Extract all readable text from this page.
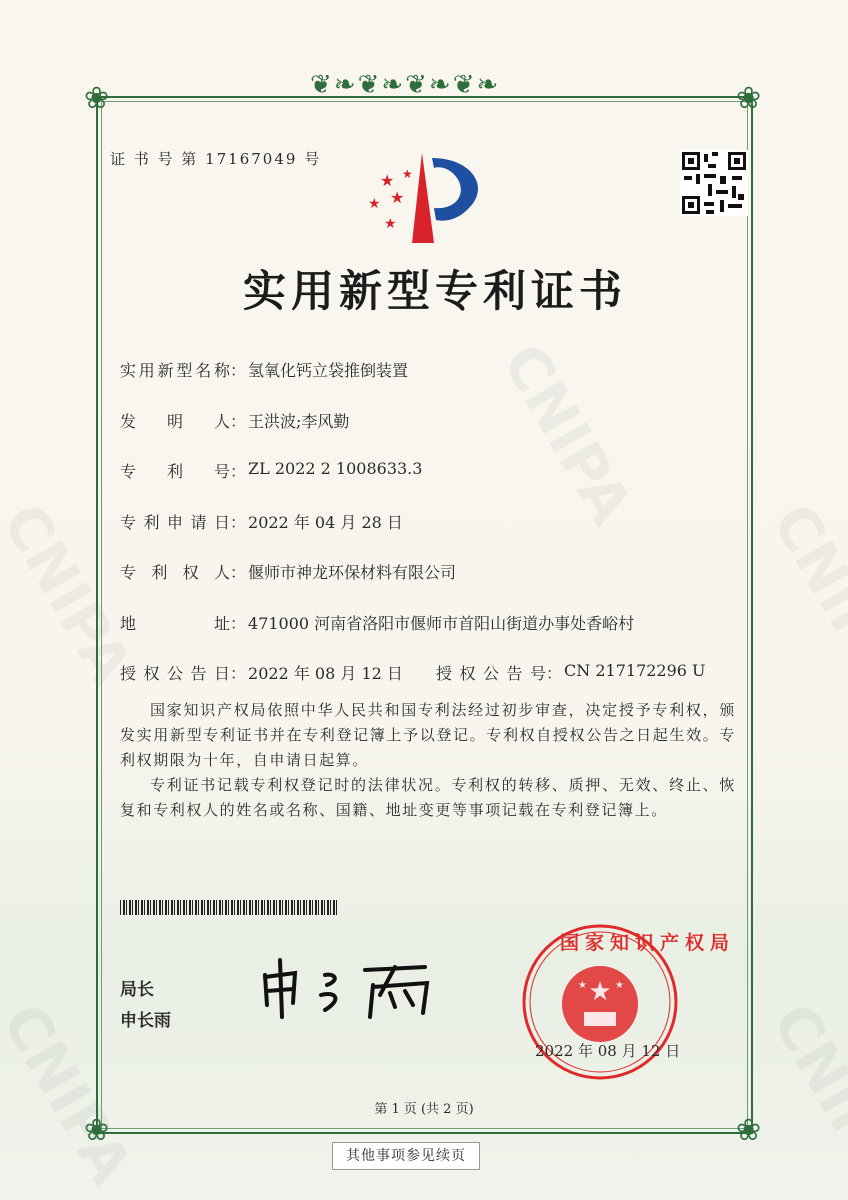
❦❧❦❧❦❧❦❧
❀	❀
❀	❀
证 书 号 第 17167049 号
★
★ ★
★
★
实用新型专利证书
实用新型名称 ： 氢氧化钙立袋推倒装置
发明人 ： 王洪波;李风勤
专利号 ： ZL 2022 2 1008633.3
专利申请日 ： 2022 年 04 月 28 日
专利权人 ： 偃师市神龙环保材料有限公司
地址 ： 471000 河南省洛阳市偃师市首阳山街道办事处香峪村
授权公告日 ： 2022 年 08 月 12 日 授权公告号 ： CN 217172296 U

国家知识产权局依照中华人民共和国专利法经过初步审查，决定授予专利权，颁发实用新型专利证书并在专利登记簿上予以登记。专利权自授权公告之日起生效。专利权期限为十年，自申请日起算。

专利证书记载专利权登记时的法律状况。专利权的转移、质押、无效、终止、恢复和专利权人的姓名或名称、国籍、地址变更等事项记载在专利登记簿上。

局长
申长雨
★
★	★
国家知识产权局
2022 年 08 月 12 日
第 1 页 (共 2 页)
其他事项参见续页
